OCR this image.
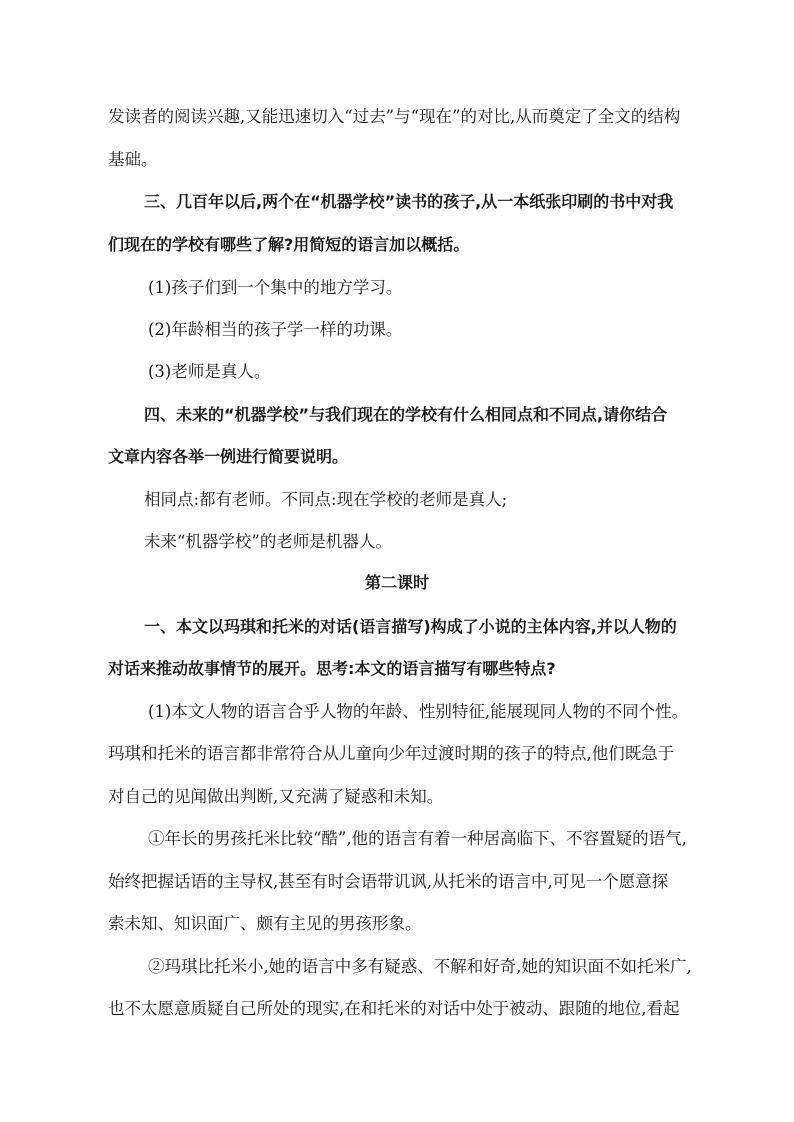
发读者的阅读兴趣,又能迅速切入“过去”与“现在”的对比,从而奠定了全文的结构
基础。
三、几百年以后,两个在“机器学校”读书的孩子,从一本纸张印刷的书中对我
们现在的学校有哪些了解?用简短的语言加以概括。
(1)孩子们到一个集中的地方学习。
(2)年龄相当的孩子学一样的功课。
(3)老师是真人。
四、未来的“机器学校”与我们现在的学校有什么相同点和不同点,请你结合
文章内容各举一例进行简要说明。
相同点:都有老师。不同点:现在学校的老师是真人;
未来“机器学校”的老师是机器人。
第二课时
一、本文以玛琪和托米的对话(语言描写)构成了小说的主体内容,并以人物的
对话来推动故事情节的展开。思考:本文的语言描写有哪些特点?
(1)本文人物的语言合乎人物的年龄、性别特征,能展现同人物的不同个性。
玛琪和托米的语言都非常符合从儿童向少年过渡时期的孩子的特点,他们既急于
对自己的见闻做出判断,又充满了疑惑和未知。
①年长的男孩托米比较“酷”,他的语言有着一种居高临下、不容置疑的语气,
始终把握话语的主导权,甚至有时会语带讥讽,从托米的语言中,可见一个愿意探
索未知、知识面广、颇有主见的男孩形象。
②玛琪比托米小,她的语言中多有疑惑、不解和好奇,她的知识面不如托米广,
也不太愿意质疑自己所处的现实,在和托米的对话中处于被动、跟随的地位,看起
